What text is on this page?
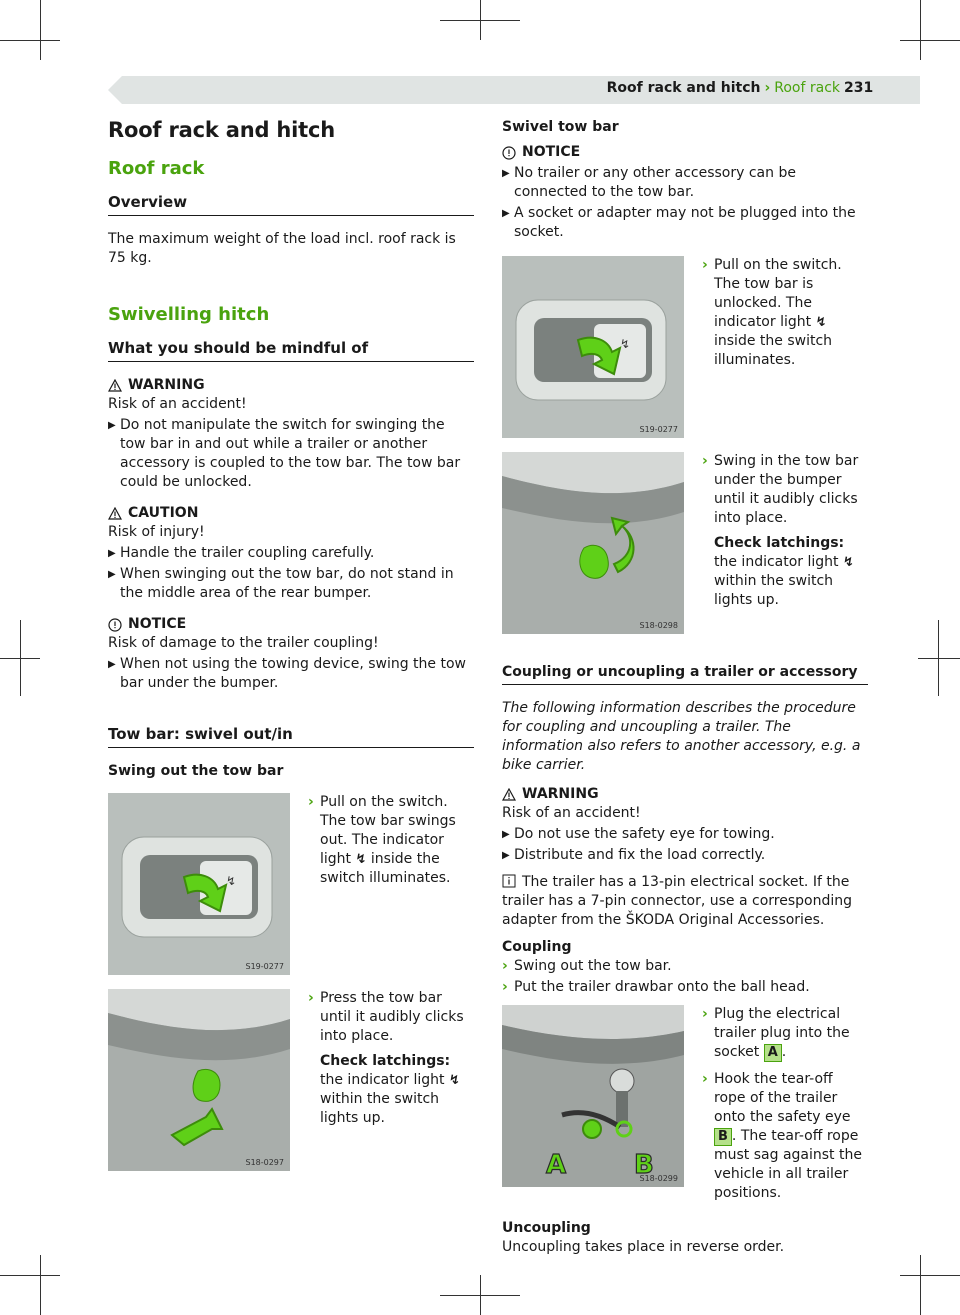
Roof rack and hitch › Roof rack 231
Roof rack and hitch
Roof rack
Overview
The maximum weight of the load incl. roof rack is 75 kg.
Swivelling hitch
What you should be mindful of
WARNING
Risk of an accident!
▶ Do not manipulate the switch for swinging the tow bar in and out while a trailer or another accessory is coupled to the tow bar. The tow bar could be unlocked.
CAUTION
Risk of injury!
▶ Handle the trailer coupling carefully.
▶ When swinging out the tow bar, do not stand in the middle area of the rear bumper.
NOTICE
Risk of damage to the trailer coupling!
▶ When not using the towing device, swing the tow bar under the bumper.
Tow bar: swivel out/in
Swing out the tow bar
↯
S19-0277
› Pull on the switch. The tow bar swings out. The indicator light ↯ inside the switch illuminates.
S18-0297
› Press the tow bar until it audibly clicks into place.
Check latchings: the indicator light ↯ within the switch lights up.
Swivel tow bar
NOTICE
▶ No trailer or any other accessory can be connected to the tow bar.
▶ A socket or adapter may not be plugged into the socket.
↯
S19-0277
› Pull on the switch. The tow bar is unlocked. The indicator light ↯ inside the switch illuminates.
S18-0298
› Swing in the tow bar under the bumper until it audibly clicks into place.
Check latchings: the indicator light ↯ within the switch lights up.
Coupling or uncoupling a trailer or accessory
The following information describes the procedure for coupling and uncoupling a trailer. The information also refers to another accessory, e.g. a bike carrier.
WARNING
Risk of an accident!
▶ Do not use the safety eye for towing.
▶ Distribute and fix the load correctly.
The trailer has a 13-pin electrical socket. If the trailer has a 7-pin connector, use a corresponding adapter from the ŠKODA Original Accessories.
Coupling
› Swing out the tow bar.
› Put the trailer drawbar onto the ball head.
A	B
S18-0299
› Plug the electrical trailer plug into the socket A .
› Hook the tear-off rope of the trailer onto the safety eye B . The tear-off rope must sag against the vehicle in all trailer positions.
Uncoupling
Uncoupling takes place in reverse order.
